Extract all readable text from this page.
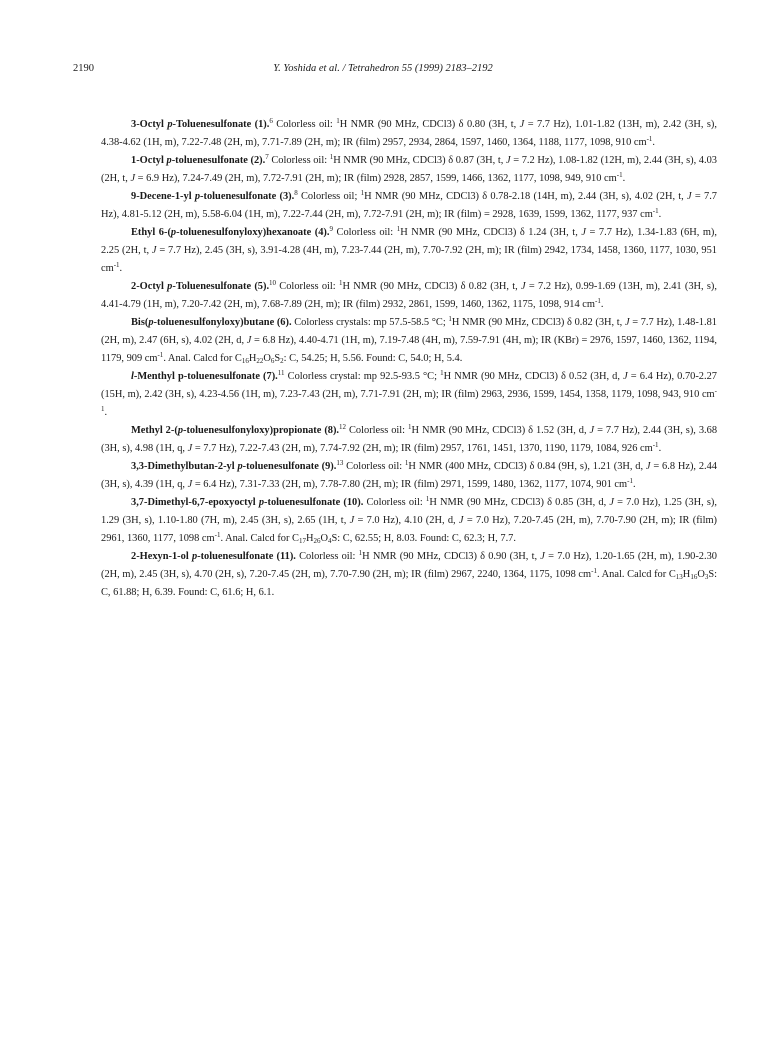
2190	Y. Yoshida et al. / Tetrahedron 55 (1999) 2183–2192

3-Octyl p-Toluenesulfonate (1).$^6$ Colorless oil: $^1$H NMR (90 MHz, CDCl3) δ 0.80 (3H, t, J = 7.7 Hz), 1.01-1.82 (13H, m), 2.42 (3H, s), 4.38-4.62 (1H, m), 7.22-7.48 (2H, m), 7.71-7.89 (2H, m); IR (film) 2957, 2934, 2864, 1597, 1460, 1364, 1188, 1177, 1098, 910 $cm^{-1}$.

1-Octyl p-toluenesulfonate (2).$^7$ Colorless oil: $^1$H NMR (90 MHz, CDCl3) δ 0.87 (3H, t, J = 7.2 Hz), 1.08-1.82 (12H, m), 2.44 (3H, s), 4.03 (2H, t, J = 6.9 Hz), 7.24-7.49 (2H, m), 7.72-7.91 (2H, m); IR (film) 2928, 2857, 1599, 1466, 1362, 1177, 1098, 949, 910 $cm^{-1}$.

9-Decene-1-yl p-toluenesulfonate (3).$^8$ Colorless oil; $^1$H NMR (90 MHz, CDCl3) δ 0.78-2.18 (14H, m), 2.44 (3H, s), 4.02 (2H, t, J = 7.7 Hz), 4.81-5.12 (2H, m), 5.58-6.04 (1H, m), 7.22-7.44 (2H, m), 7.72-7.91 (2H, m); IR (film) = 2928, 1639, 1599, 1362, 1177, 937 $cm^{-1}$.

Ethyl 6-(p-toluenesulfonyloxy)hexanoate (4).$^9$ Colorless oil: $^1$H NMR (90 MHz, CDCl3) δ 1.24 (3H, t, J = 7.7 Hz), 1.34-1.83 (6H, m), 2.25 (2H, t, J = 7.7 Hz), 2.45 (3H, s), 3.91-4.28 (4H, m), 7.23-7.44 (2H, m), 7.70-7.92 (2H, m); IR (film) 2942, 1734, 1458, 1360, 1177, 1030, 951 $cm^{-1}$.

2-Octyl p-Toluenesulfonate (5).$^{10}$ Colorless oil: $^1$H NMR (90 MHz, CDCl3) δ 0.82 (3H, t, J = 7.2 Hz), 0.99-1.69 (13H, m), 2.41 (3H, s), 4.41-4.79 (1H, m), 7.20-7.42 (2H, m), 7.68-7.89 (2H, m); IR (film) 2932, 2861, 1599, 1460, 1362, 1175, 1098, 914 $cm^{-1}$.

Bis(p-toluenesulfonyloxy)butane (6). Colorless crystals: mp 57.5-58.5 °C; $^1$H NMR (90 MHz, CDCl3) δ 0.82 (3H, t, J = 7.7 Hz), 1.48-1.81 (2H, m), 2.47 (6H, s), 4.02 (2H, d, J = 6.8 Hz), 4.40-4.71 (1H, m), 7.19-7.48 (4H, m), 7.59-7.91 (4H, m); IR (KBr) = 2976, 1597, 1460, 1362, 1194, 1179, 909 $cm^{-1}$. Anal. Calcd for $C_{16}H_{22}O_6S_2$: C, 54.25; H, 5.56. Found: C, 54.0; H, 5.4.

l-Menthyl p-toluenesulfonate (7).$^{11}$ Colorless crystal: mp 92.5-93.5 °C; $^1$H NMR (90 MHz, CDCl3) δ 0.52 (3H, d, J = 6.4 Hz), 0.70-2.27 (15H, m), 2.42 (3H, s), 4.23-4.56 (1H, m), 7.23-7.43 (2H, m), 7.71-7.91 (2H, m); IR (film) 2963, 2936, 1599, 1454, 1358, 1179, 1098, 943, 910 $cm^{-1}$.

Methyl 2-(p-toluenesulfonyloxy)propionate (8).$^{12}$ Colorless oil: $^1$H NMR (90 MHz, CDCl3) δ 1.52 (3H, d, J = 7.7 Hz), 2.44 (3H, s), 3.68 (3H, s), 4.98 (1H, q, J = 7.7 Hz), 7.22-7.43 (2H, m), 7.74-7.92 (2H, m); IR (film) 2957, 1761, 1451, 1370, 1190, 1179, 1084, 926 $cm^{-1}$.

3,3-Dimethylbutan-2-yl p-toluenesulfonate (9).$^{13}$ Colorless oil: $^1$H NMR (400 MHz, CDCl3) δ 0.84 (9H, s), 1.21 (3H, d, J = 6.8 Hz), 2.44 (3H, s), 4.39 (1H, q, J = 6.4 Hz), 7.31-7.33 (2H, m), 7.78-7.80 (2H, m); IR (film) 2971, 1599, 1480, 1362, 1177, 1074, 901 $cm^{-1}$.

3,7-Dimethyl-6,7-epoxyoctyl p-toluenesulfonate (10). Colorless oil: $^1$H NMR (90 MHz, CDCl3) δ 0.85 (3H, d, J = 7.0 Hz), 1.25 (3H, s), 1.29 (3H, s), 1.10-1.80 (7H, m), 2.45 (3H, s), 2.65 (1H, t, J = 7.0 Hz), 4.10 (2H, d, J = 7.0 Hz), 7.20-7.45 (2H, m), 7.70-7.90 (2H, m); IR (film) 2961, 1360, 1177, 1098 $cm^{-1}$. Anal. Calcd for $C_{17}H_{26}O_4S$: C, 62.55; H, 8.03. Found: C, 62.3; H, 7.7.

2-Hexyn-1-ol p-toluenesulfonate (11). Colorless oil: $^1$H NMR (90 MHz, CDCl3) δ 0.90 (3H, t, J = 7.0 Hz), 1.20-1.65 (2H, m), 1.90-2.30 (2H, m), 2.45 (3H, s), 4.70 (2H, s), 7.20-7.45 (2H, m), 7.70-7.90 (2H, m); IR (film) 2967, 2240, 1364, 1175, 1098 $cm^{-1}$. Anal. Calcd for $C_{13}H_{16}O_3S$: C, 61.88; H, 6.39. Found: C, 61.6; H, 6.1.
